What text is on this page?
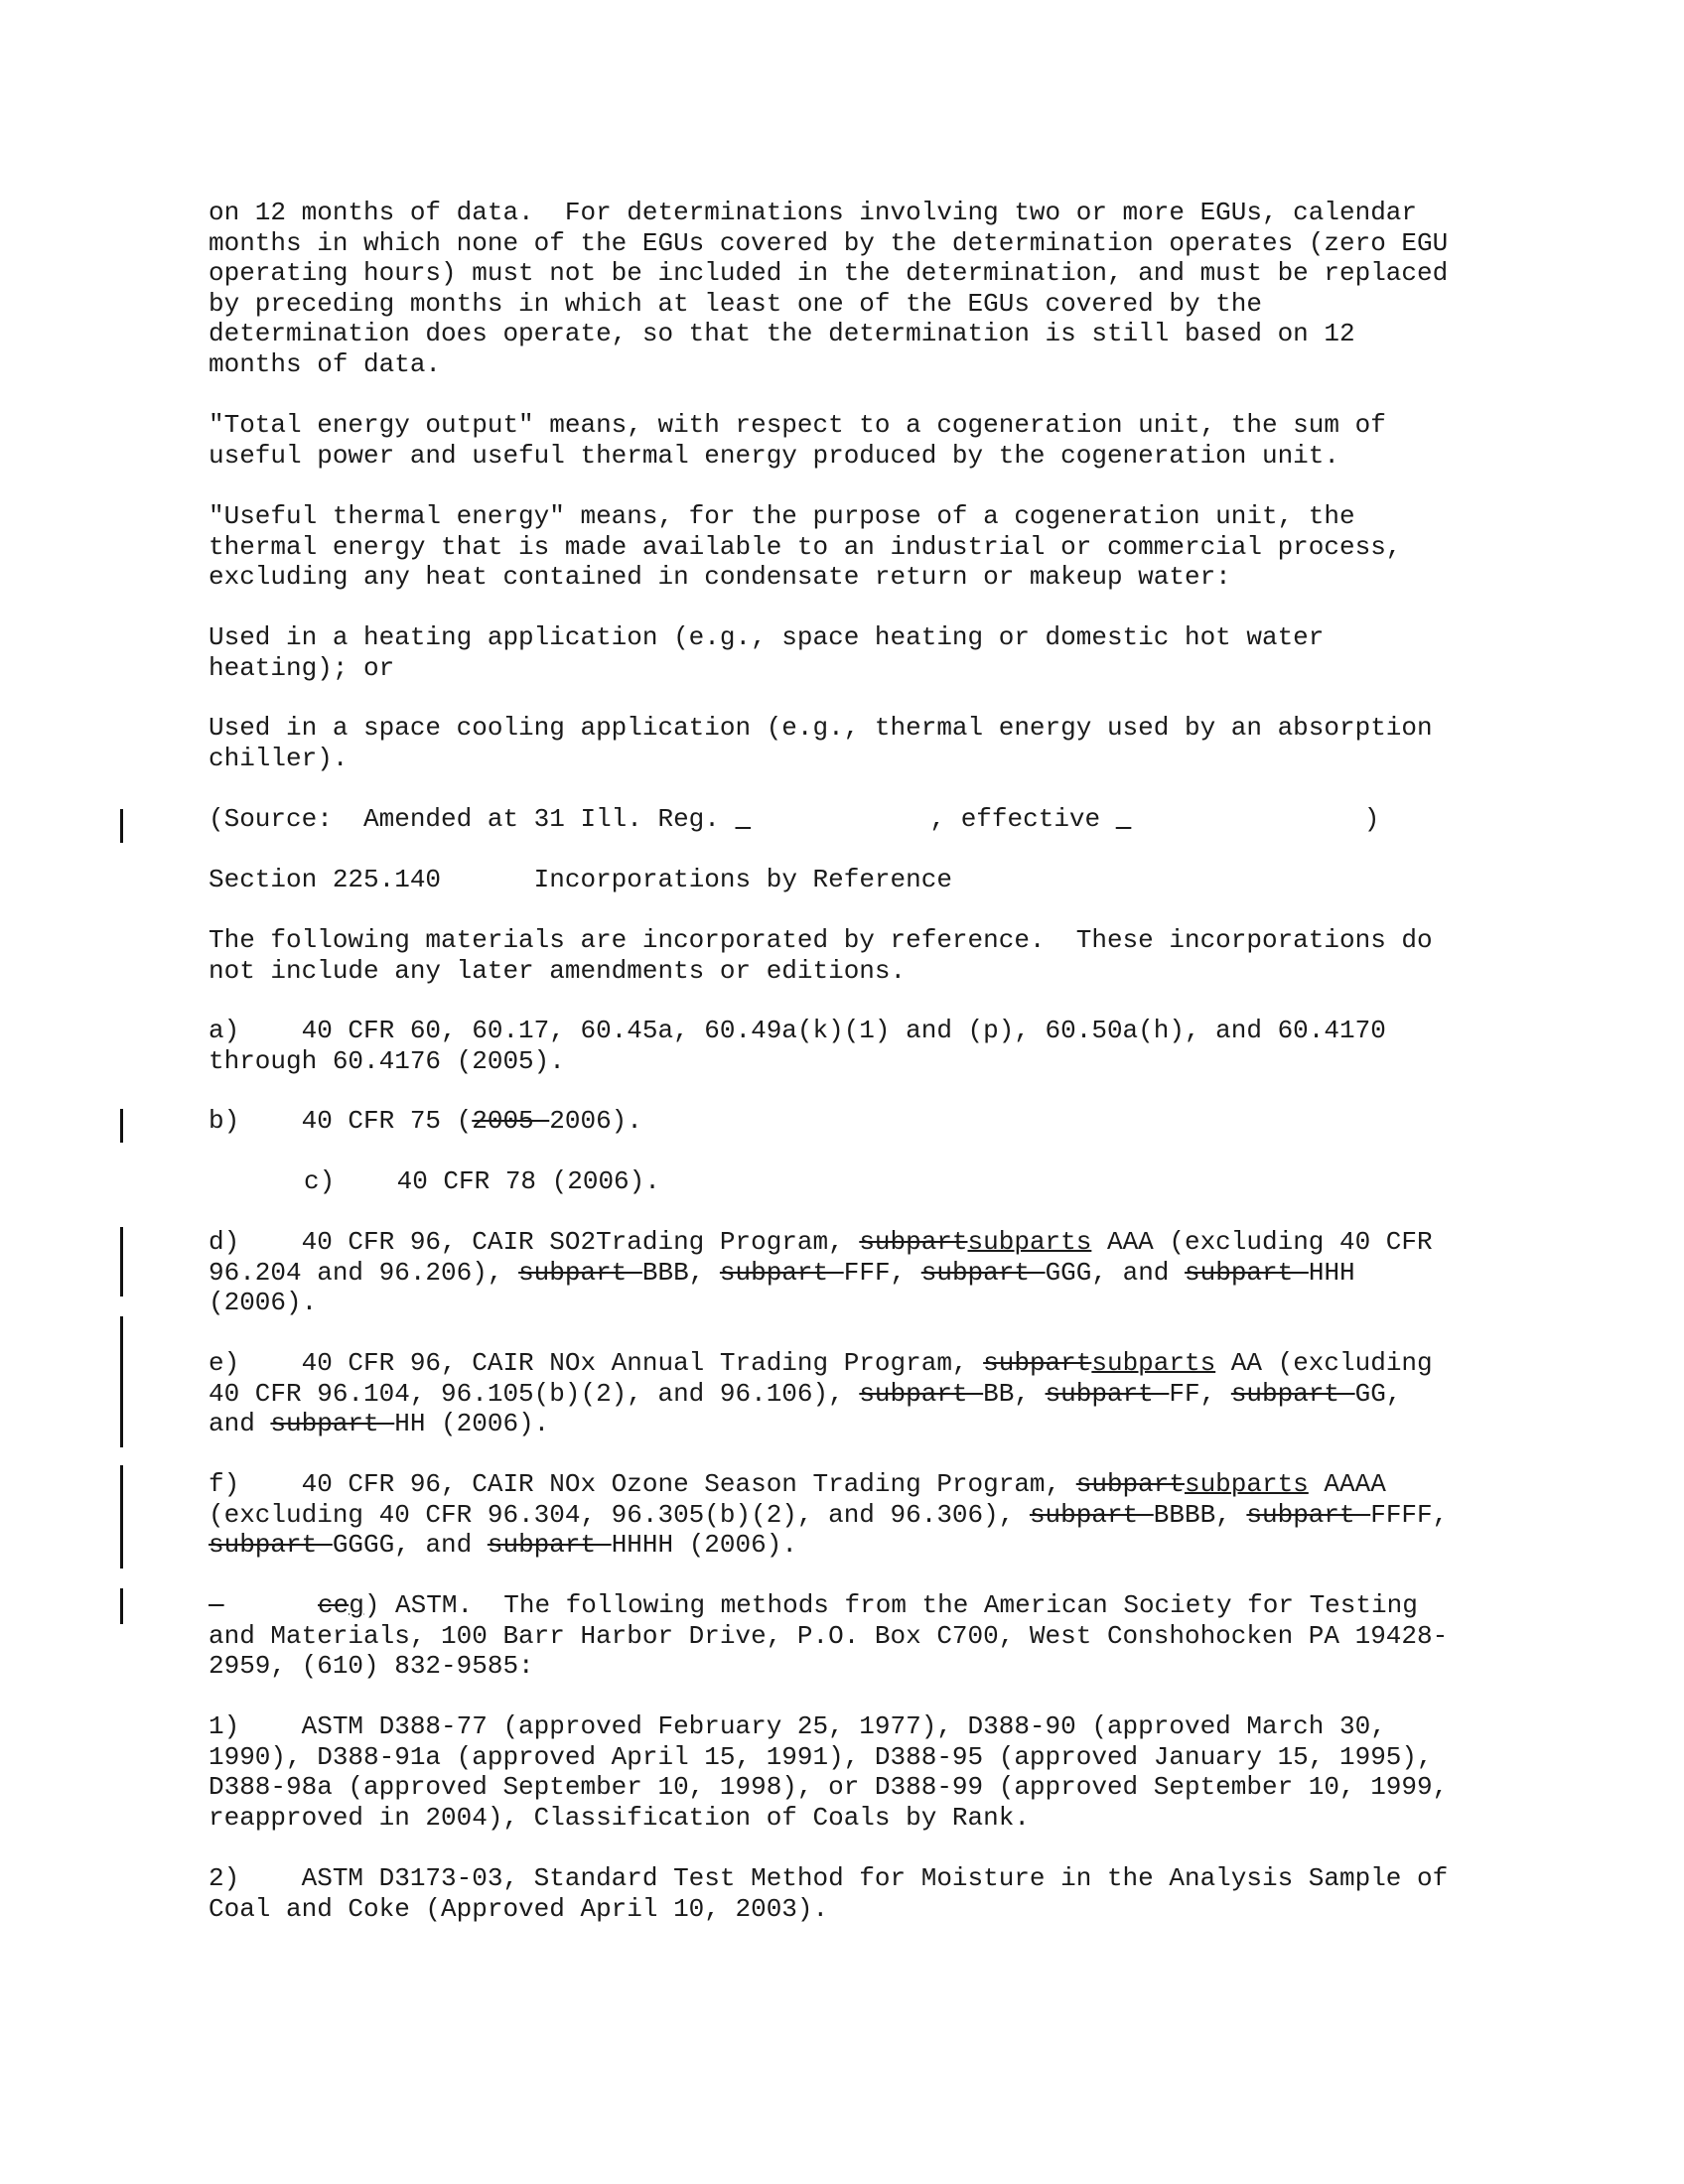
on 12 months of data.  For determinations involving two or more EGUs, calendar
months in which none of the EGUs covered by the determination operates (zero EGU
operating hours) must not be included in the determination, and must be replaced
by preceding months in which at least one of the EGUs covered by the
determination does operate, so that the determination is still based on 12
months of data.
"Total energy output" means, with respect to a cogeneration unit, the sum of
useful power and useful thermal energy produced by the cogeneration unit.
"Useful thermal energy" means, for the purpose of a cogeneration unit, the
thermal energy that is made available to an industrial or commercial process,
excluding any heat contained in condensate return or makeup water:
Used in a heating application (e.g., space heating or domestic hot water
heating); or
Used in a space cooling application (e.g., thermal energy used by an absorption
chiller).
(Source:  Amended at 31 Ill. Reg.	, effective	)
Section 225.140	Incorporations by Reference
The following materials are incorporated by reference.  These incorporations do
not include any later amendments or editions.
a)    40 CFR 60, 60.17, 60.45a, 60.49a(k)(1) and (p), 60.50a(h), and 60.4170
through 60.4176 (2005).
b)    40 CFR 75 (2005 2006).
c)    40 CFR 78 (2006).
d)    40 CFR 96, CAIR SO2Trading Program, subpartsubparts AAA (excluding 40 CFR
96.204 and 96.206), subpart BBB, subpart FFF, subpart GGG, and subpart HHH
(2006).
e)    40 CFR 96, CAIR NOx Annual Trading Program, subpartsubparts AA (excluding
40 CFR 96.104, 96.105(b)(2), and 96.106), subpart BB, subpart FF, subpart GG,
and subpart HH (2006).
f)    40 CFR 96, CAIR NOx Ozone Season Trading Program, subpartsubparts AAAA
(excluding 40 CFR 96.304, 96.305(b)(2), and 96.306), subpart BBBB, subpart FFFF,
subpart GGGG, and subpart HHHH (2006).
ceg) ASTM.  The following methods from the American Society for Testing
and Materials, 100 Barr Harbor Drive, P.O. Box C700, West Conshohocken PA 19428-
2959, (610) 832-9585:
1)    ASTM D388-77 (approved February 25, 1977), D388-90 (approved March 30,
1990), D388-91a (approved April 15, 1991), D388-95 (approved January 15, 1995),
D388-98a (approved September 10, 1998), or D388-99 (approved September 10, 1999,
reapproved in 2004), Classification of Coals by Rank.
2)    ASTM D3173-03, Standard Test Method for Moisture in the Analysis Sample of
Coal and Coke (Approved April 10, 2003).
